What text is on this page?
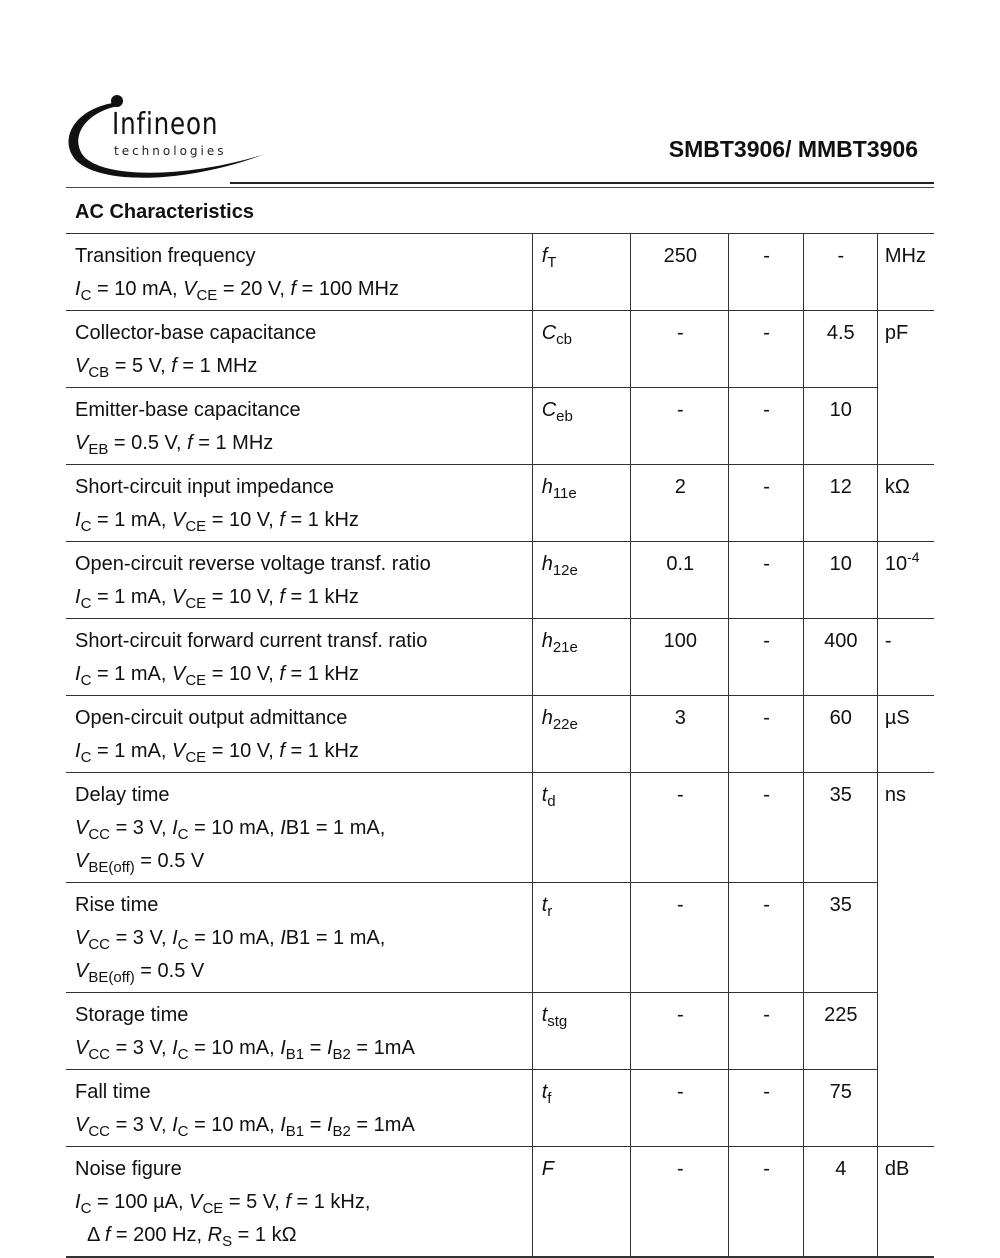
Infineon
technologies	SMBT3906/ MMBT3906
AC Characteristics					

Transition frequency
$I_C = 10$ mA, $V_{CE} = 20$ V, f = 100 MHz	$f_T$	250	-	-	MHz

Collector-base capacitance
$V_{CB} = 5$ V, f = 1 MHz	$C_{cb}$	-	-	4.5	pF

Emitter-base capacitance
$V_{EB} = 0.5$ V, f = 1 MHz	$C_{eb}$	-	-	10	

Short-circuit input impedance
$I_C = 1$ mA, $V_{CE} = 10$ V, f = 1 kHz	$h_{11e}$	2	-	12	kΩ

Open-circuit reverse voltage transf. ratio
$I_C = 1$ mA, $V_{CE} = 10$ V, f = 1 kHz	$h_{12e}$	0.1	-	10	$10^{-4}$

Short-circuit forward current transf. ratio
$I_C = 1$ mA, $V_{CE} = 10$ V, f = 1 kHz	$h_{21e}$	100	-	400	-

Open-circuit output admittance
$I_C = 1$ mA, $V_{CE} = 10$ V, f = 1 kHz	$h_{22e}$	3	-	60	µS

Delay time
$V_{CC} = 3$ V, $I_C = 10$ mA, IB1 = 1 mA,
$V_{BE(off)} = 0.5$ V	$t_d$	-	-	35	ns

Rise time
$V_{CC} = 3$ V, $I_C = 10$ mA, IB1 = 1 mA,
$V_{BE(off)} = 0.5$ V	$t_r$	-	-	35	

Storage time
$V_{CC} = 3$ V, $I_C = 10$ mA, $I_{B1} = I_{B2} = 1mA$	$t_{stg}$	-	-	225	

Fall time
$V_{CC} = 3$ V, $I_C = 10$ mA, $I_{B1} = I_{B2} = 1mA$	$t_f$	-	-	75	

Noise figure
$I_C = 100$ µA, $V_{CE} = 5$ V, f = 1 kHz,
Δ f = 200 Hz, $R_S = 1$ kΩ	F	-	-	4	dB
